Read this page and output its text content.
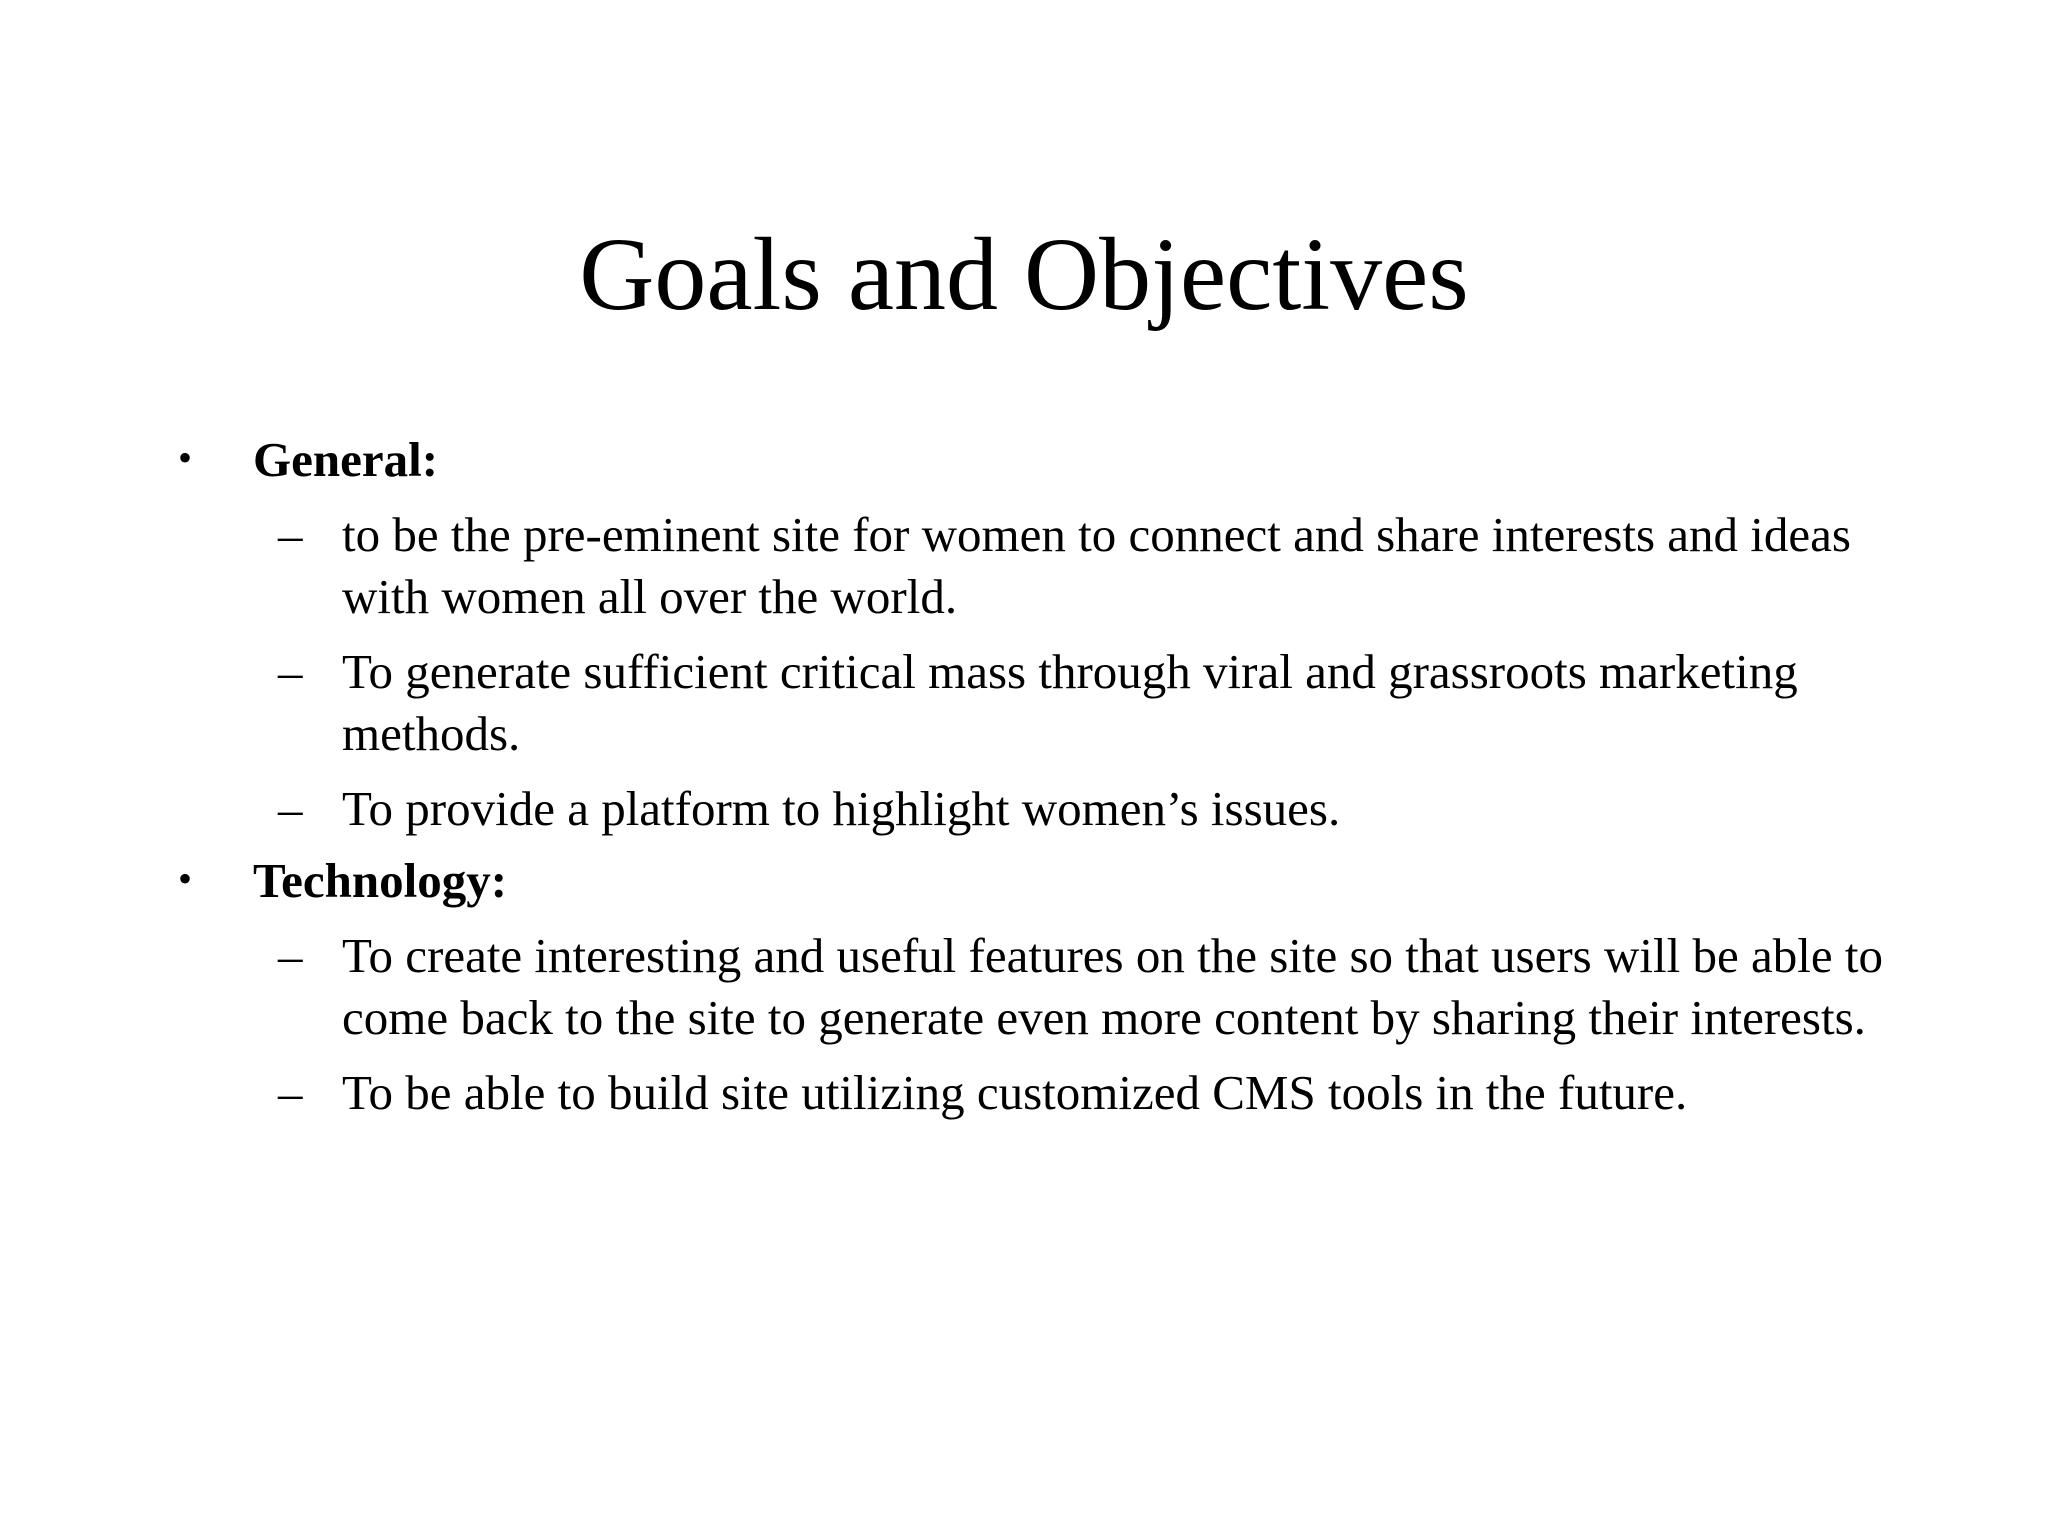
Goals and Objectives
• General:
– to be the pre-eminent site for women to connect and share interests and ideas with women all over the world.
– To generate sufficient critical mass through viral and grassroots marketing methods.
– To provide a platform to highlight women’s issues.
• Technology:
– To create interesting and useful features on the site so that users will be able to come back to the site to generate even more content by sharing their interests.
– To be able to build site utilizing customized CMS tools in the future.
